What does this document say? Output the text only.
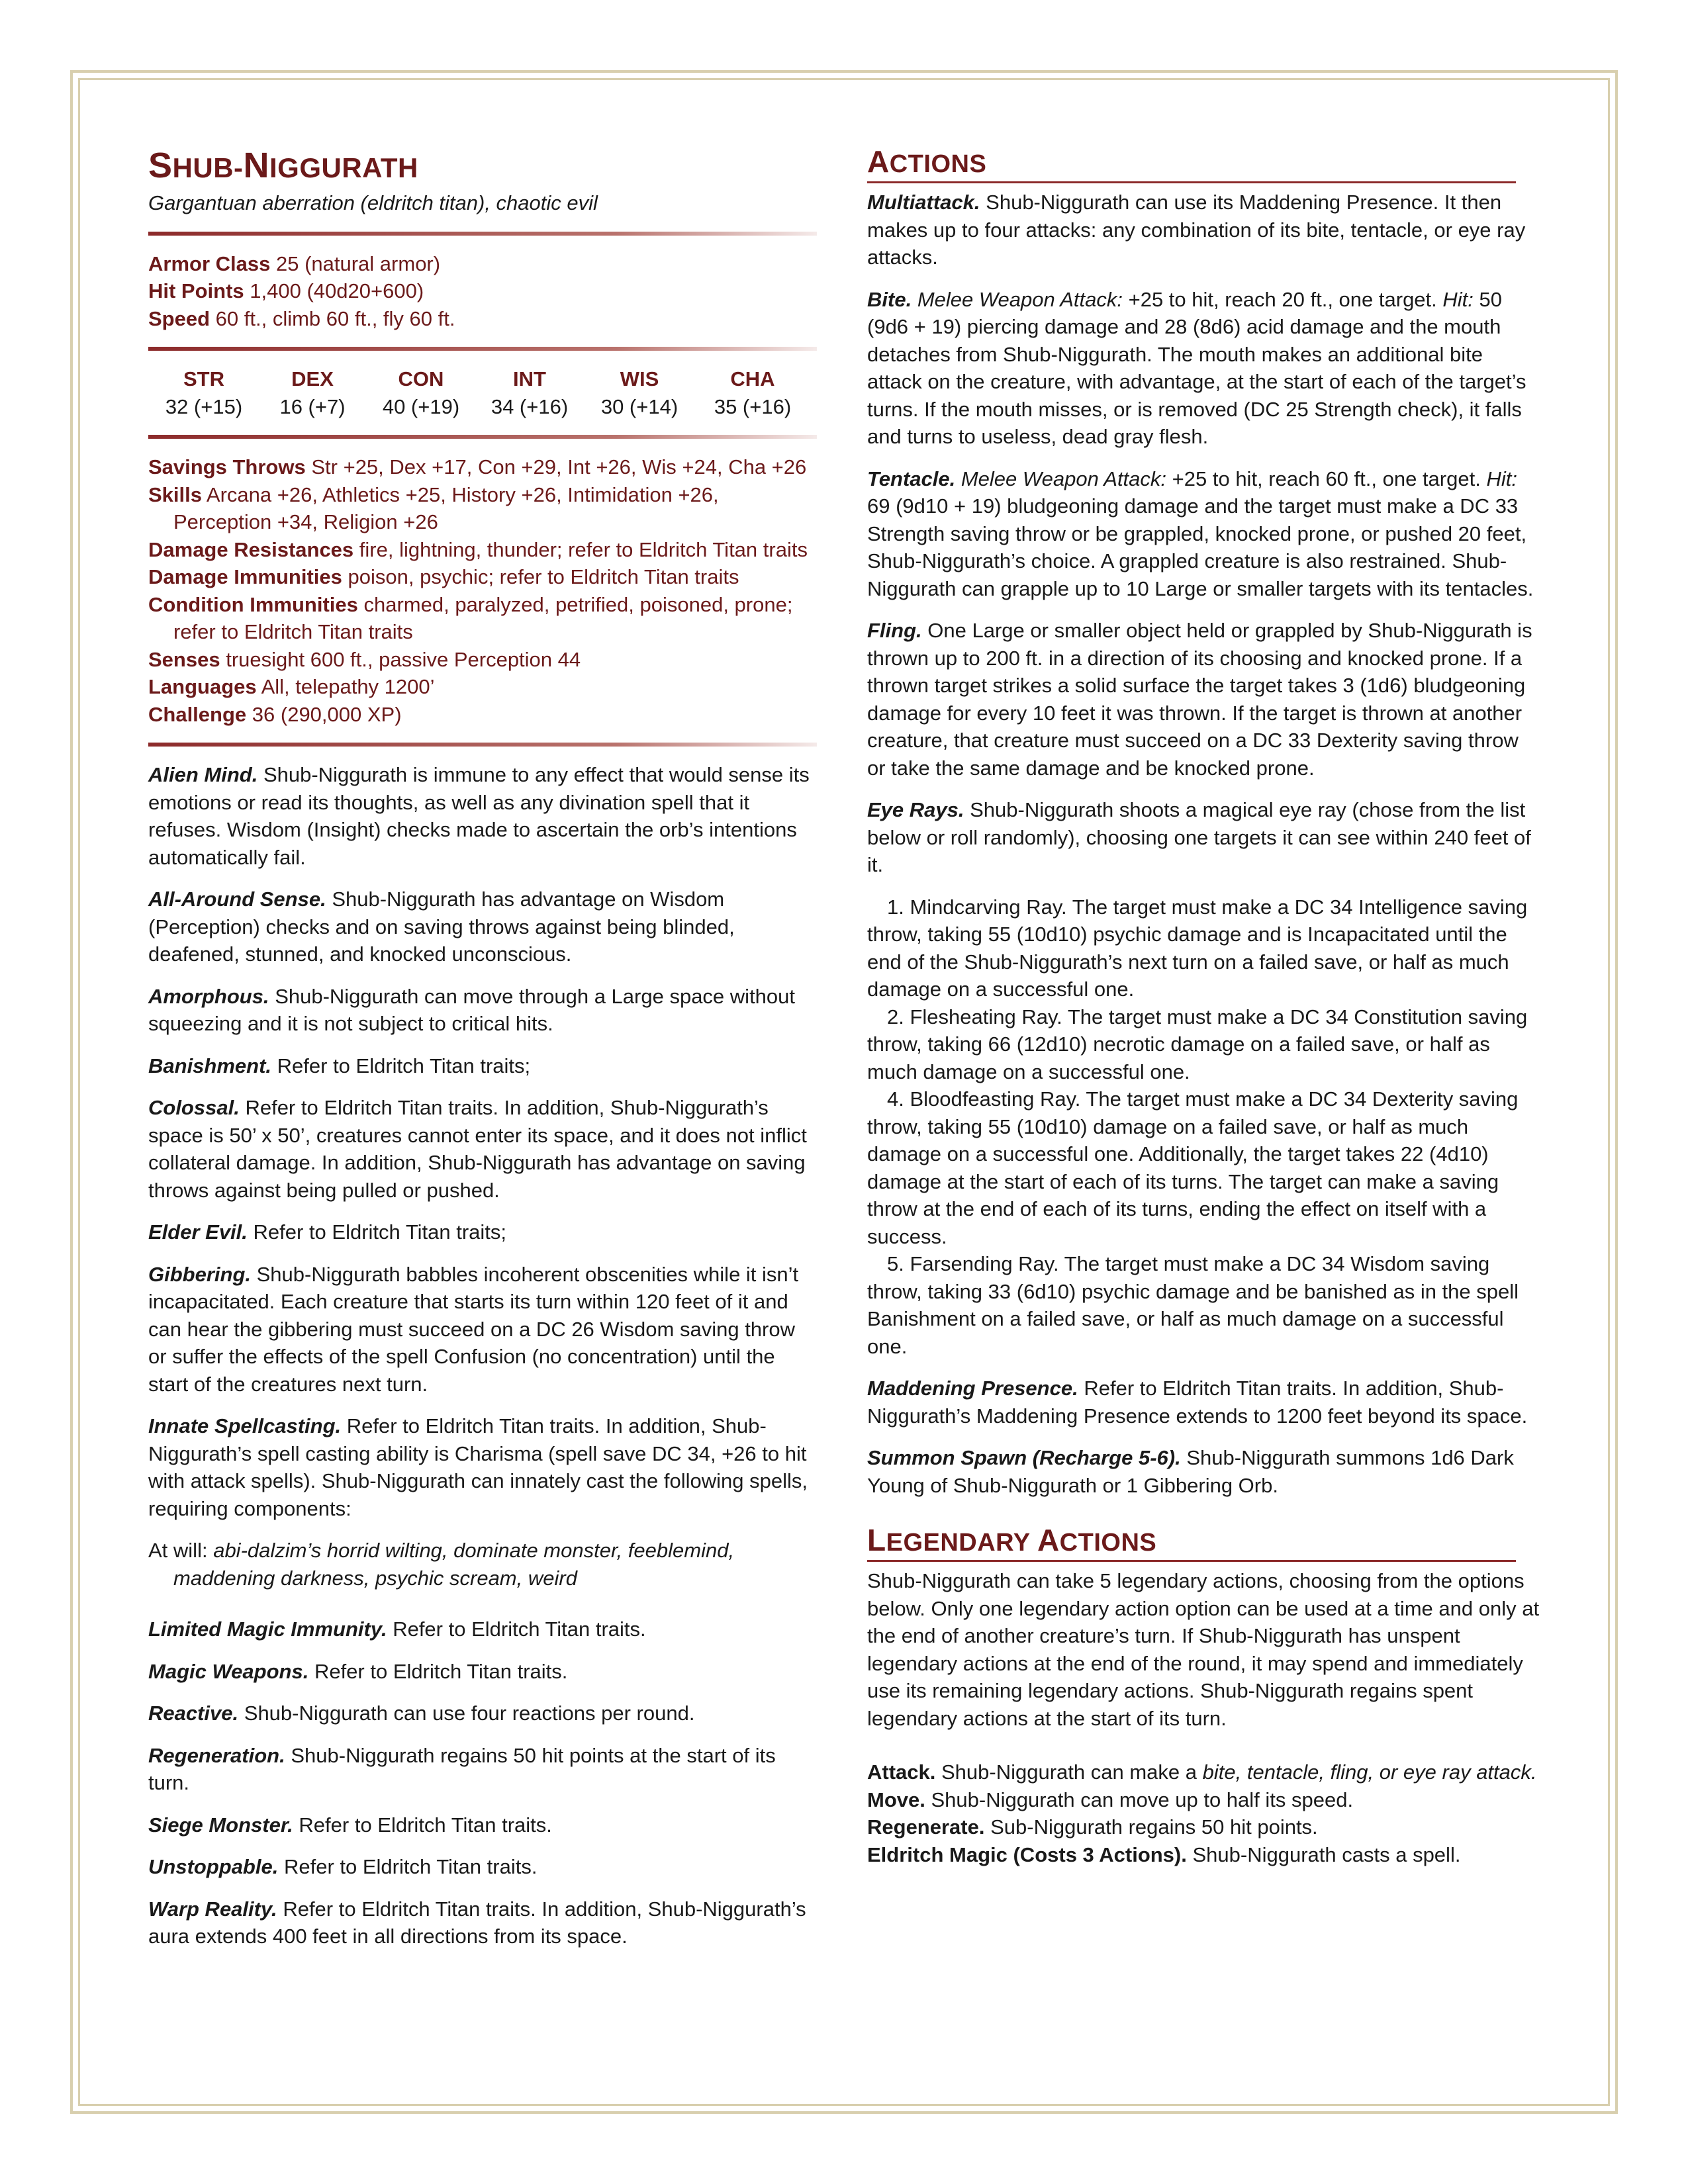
SHUB-NIGGURATH

Gargantuan aberration (eldritch titan), chaotic evil

Armor Class 25 (natural armor)

Hit Points 1,400 (40d20+600)

Speed 60 ft., climb 60 ft., fly 60 ft.

STR	DEX	CON	INT	WIS	CHA
32 (+15)	16 (+7)	40 (+19)	34 (+16)	30 (+14)	35 (+16)

Savings Throws Str +25, Dex +17, Con +29, Int +26, Wis +24, Cha +26

Skills Arcana +26, Athletics +25, History +26, Intimidation +26, Perception +34, Religion +26

Damage Resistances fire, lightning, thunder; refer to Eldritch Titan traits

Damage Immunities poison, psychic; refer to Eldritch Titan traits

Condition Immunities charmed, paralyzed, petrified, poisoned, prone; refer to Eldritch Titan traits

Senses truesight 600 ft., passive Perception 44

Languages All, telepathy 1200’

Challenge 36 (290,000 XP)

Alien Mind. Shub-Niggurath is immune to any effect that would sense its emotions or read its thoughts, as well as any divination spell that it refuses. Wisdom (Insight) checks made to ascertain the orb’s intentions automatically fail.

All-Around Sense. Shub-Niggurath has advantage on Wisdom (Perception) checks and on saving throws against being blinded, deafened, stunned, and knocked unconscious.

Amorphous. Shub-Niggurath can move through a Large space without squeezing and it is not subject to critical hits.

Banishment. Refer to Eldritch Titan traits;

Colossal. Refer to Eldritch Titan traits. In addition, Shub-Niggurath’s space is 50’ x 50’, creatures cannot enter its space, and it does not inflict collateral damage. In addition, Shub-Niggurath has advantage on saving throws against being pulled or pushed.

Elder Evil. Refer to Eldritch Titan traits;

Gibbering. Shub-Niggurath babbles incoherent obscenities while it isn’t incapacitated. Each creature that starts its turn within 120 feet of it and can hear the gibbering must succeed on a DC 26 Wisdom saving throw or suffer the effects of the spell Confusion (no concentration) until the start of the creatures next turn.

Innate Spellcasting. Refer to Eldritch Titan traits. In addition, Shub-Niggurath’s spell casting ability is Charisma (spell save DC 34, +26 to hit with attack spells). Shub-Niggurath can innately cast the following spells, requiring components:

At will: abi-dalzim’s horrid wilting, dominate monster, feeblemind, maddening darkness, psychic scream, weird

Limited Magic Immunity. Refer to Eldritch Titan traits.

Magic Weapons. Refer to Eldritch Titan traits.

Reactive. Shub-Niggurath can use four reactions per round.

Regeneration. Shub-Niggurath regains 50 hit points at the start of its turn.

Siege Monster. Refer to Eldritch Titan traits.

Unstoppable. Refer to Eldritch Titan traits.

Warp Reality. Refer to Eldritch Titan traits. In addition, Shub-Niggurath’s aura extends 400 feet in all directions from its space.

ACTIONS

Multiattack. Shub-Niggurath can use its Maddening Presence. It then makes up to four attacks: any combination of its bite, tentacle, or eye ray attacks.

Bite. Melee Weapon Attack: +25 to hit, reach 20 ft., one target. Hit: 50 (9d6 + 19) piercing damage and 28 (8d6) acid damage and the mouth detaches from Shub-Niggurath. The mouth makes an additional bite attack on the creature, with advantage, at the start of each of the target’s turns. If the mouth misses, or is removed (DC 25 Strength check), it falls and turns to useless, dead gray flesh.

Tentacle. Melee Weapon Attack: +25 to hit, reach 60 ft., one target. Hit: 69 (9d10 + 19) bludgeoning damage and the target must make a DC 33 Strength saving throw or be grappled, knocked prone, or pushed 20 feet, Shub-Niggurath’s choice. A grappled creature is also restrained. Shub-Niggurath can grapple up to 10 Large or smaller targets with its tentacles.

Fling. One Large or smaller object held or grappled by Shub-Niggurath is thrown up to 200 ft. in a direction of its choosing and knocked prone. If a thrown target strikes a solid surface the target takes 3 (1d6) bludgeoning damage for every 10 feet it was thrown. If the target is thrown at another creature, that creature must succeed on a DC 33 Dexterity saving throw or take the same damage and be knocked prone.

Eye Rays. Shub-Niggurath shoots a magical eye ray (chose from the list below or roll randomly), choosing one targets it can see within 240 feet of it.

1. Mindcarving Ray. The target must make a DC 34 Intelligence saving throw, taking 55 (10d10) psychic damage and is Incapacitated until the end of the Shub-Niggurath’s next turn on a failed save, or half as much damage on a successful one.

2. Flesheating Ray. The target must make a DC 34 Constitution saving throw, taking 66 (12d10) necrotic damage on a failed save, or half as much damage on a successful one.

4. Bloodfeasting Ray. The target must make a DC 34 Dexterity saving throw, taking 55 (10d10) damage on a failed save, or half as much damage on a successful one. Additionally, the target takes 22 (4d10) damage at the start of each of its turns. The target can make a saving throw at the end of each of its turns, ending the effect on itself with a success.

5. Farsending Ray. The target must make a DC 34 Wisdom saving throw, taking 33 (6d10) psychic damage and be banished as in the spell Banishment on a failed save, or half as much damage on a successful one.

Maddening Presence. Refer to Eldritch Titan traits. In addition, Shub-Niggurath’s Maddening Presence extends to 1200 feet beyond its space.

Summon Spawn (Recharge 5-6). Shub-Niggurath summons 1d6 Dark Young of Shub-Niggurath or 1 Gibbering Orb.

LEGENDARY ACTIONS

Shub-Niggurath can take 5 legendary actions, choosing from the options below. Only one legendary action option can be used at a time and only at the end of another creature’s turn. If Shub-Niggurath has unspent legendary actions at the end of the round, it may spend and immediately use its remaining legendary actions. Shub-Niggurath regains spent legendary actions at the start of its turn.

Attack. Shub-Niggurath can make a bite, tentacle, fling, or eye ray attack.

Move. Shub-Niggurath can move up to half its speed.

Regenerate. Sub-Niggurath regains 50 hit points.

Eldritch Magic (Costs 3 Actions). Shub-Niggurath casts a spell.
